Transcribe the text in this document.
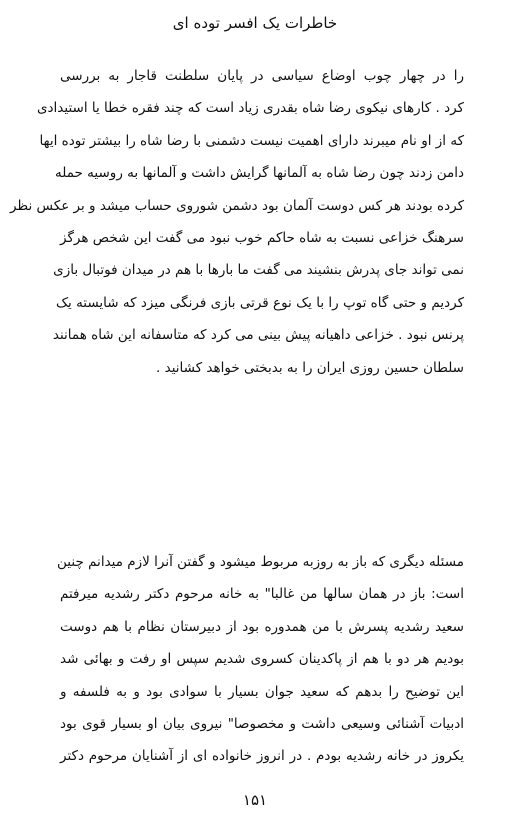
خاطرات یک افسر توده ای
را در چهار چوب اوضاع سیاسی در پایان سلطنت قاجار به بررسی
کرد . کارهای نیکوی رضا شاه بقدری زیاد است که چند فقره خطا یا استیدادی
که از او نام میبرند دارای اهمیت نیست دشمنی با رضا شاه را بیشتر توده ایها
دامن زدند چون رضا شاه به آلمانها گرایش داشت و آلمانها به روسیه حمله
کرده بودند هر کس دوست آلمان بود دشمن شوروی حساب میشد و بر عکس نظر
سرهنگ خزاعی نسبت به شاه حاکم خوب نبود می گفت این شخص هرگز
نمی تواند جای پدرش بنشیند می گفت ما بارها با هم در میدان فوتبال بازی
کردیم و حتی گاه توپ را با یک نوع قرتی بازی فرنگی میزد که شایسته یک
پرنس نبود . خزاعی داهیانه پیش بینی می کرد که متاسفانه این شاه همانند
سلطان حسین روزی ایران را به بدبختی خواهد کشانید .
مسئله دیگری که باز به روزبه مربوط میشود و گفتن آنرا لازم میدانم چنین
است: باز در همان سالها من غالبا" به خانه مرحوم دکتر رشدیه میرفتم
سعید رشدیه پسرش با من همدوره بود از دبیرستان نظام با هم دوست
بودیم هر دو با هم از پاکدینان کسروی شدیم سپس او رفت و بهائی شد
این توضیح را بدهم که سعید جوان بسیار با سوادی بود و به فلسفه و
ادبیات آشنائی وسیعی داشت و مخصوصا" نیروی بیان او بسیار قوی بود
یکروز در خانه رشدیه بودم . در انروز خانواده ای از آشنایان مرحوم دکتر
۱۵۱
